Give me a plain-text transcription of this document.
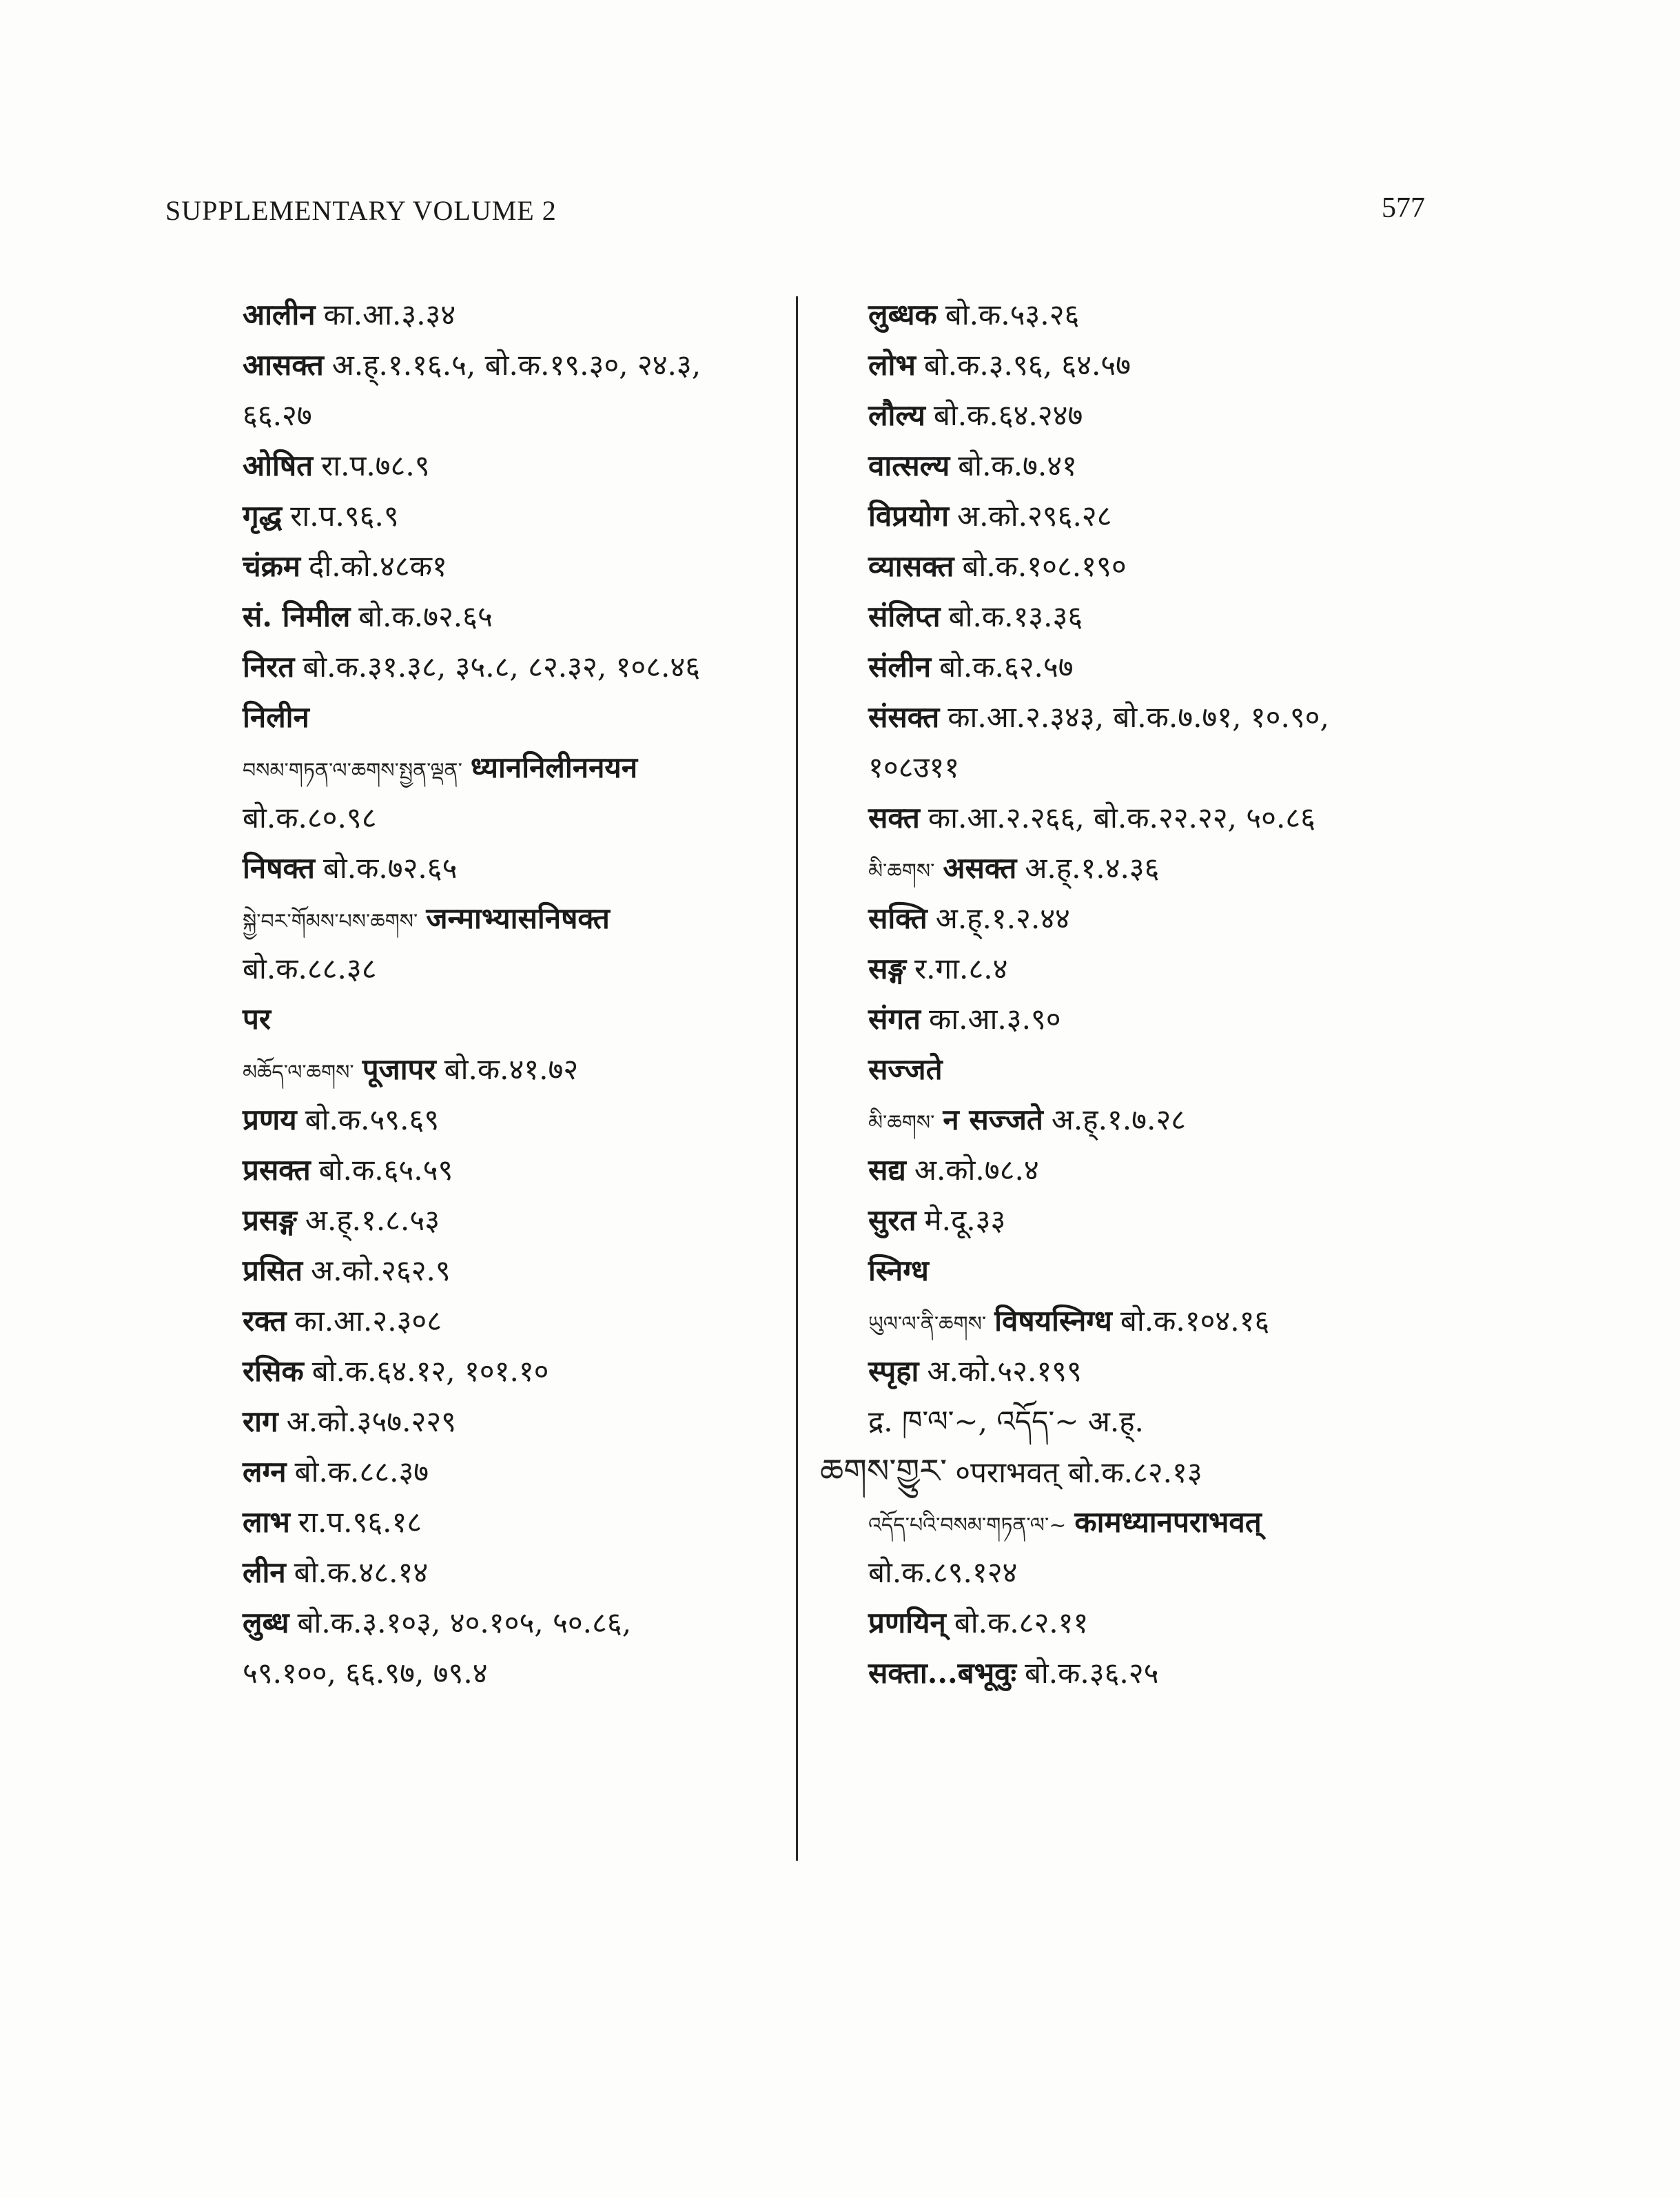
SUPPLEMENTARY VOLUME 2	577
आलीन का.आ.३.३४
आसक्त अ.ह्.१.१६.५, बो.क.१९.३०, २४.३,
६६.२७
ओषित रा.प.७८.९
गृद्ध रा.प.९६.९
चंक्रम दी.को.४८क१
सं. निमील बो.क.७२.६५
निरत बो.क.३१.३८, ३५.८, ८२.३२, १०८.४६
निलीन
བསམ་གཏན་ལ་ཆགས་སྤྱན་ལྡན་ ध्याननिलीननयन
बो.क.८०.९८
निषक्त बो.क.७२.६५
སྐྱེ་བར་གོམས་པས་ཆགས་ जन्माभ्यासनिषक्त
बो.क.८८.३८
पर
མཆོད་ལ་ཆགས་ पूजापर बो.क.४१.७२
प्रणय बो.क.५९.६९
प्रसक्त बो.क.६५.५९
प्रसङ्ग अ.ह्.१.८.५३
प्रसित अ.को.२६२.९
रक्त का.आ.२.३०८
रसिक बो.क.६४.१२, १०१.१०
राग अ.को.३५७.२२९
लग्न बो.क.८८.३७
लाभ रा.प.९६.१८
लीन बो.क.४८.१४
लुब्ध बो.क.३.१०३, ४०.१०५, ५०.८६,
५९.१००, ६६.९७, ७९.४
लुब्धक बो.क.५३.२६
लोभ बो.क.३.९६, ६४.५७
लौल्य बो.क.६४.२४७
वात्सल्य बो.क.७.४१
विप्रयोग अ.को.२९६.२८
व्यासक्त बो.क.१०८.१९०
संलिप्त बो.क.१३.३६
संलीन बो.क.६२.५७
संसक्त का.आ.२.३४३, बो.क.७.७१, १०.९०,
१०८उ११
सक्त का.आ.२.२६६, बो.क.२२.२२, ५०.८६
མི་ཆགས་ असक्त अ.ह्.१.४.३६
सक्ति अ.ह्.१.२.४४
सङ्ग र.गा.८.४
संगत का.आ.३.९०
सज्जते
མི་ཆགས་ न सज्जते अ.ह्.१.७.२८
सद्य अ.को.७८.४
सुरत मे.दू.३३
स्निग्ध
ཡུལ་ལ་ནི་ཆགས་ विषयस्निग्ध बो.क.१०४.१६
स्पृहा अ.को.५२.१९९
द्र. ཁ་ལ་~, འདོད་~ अ.ह्.
ཆགས་གྱུར་ ०पराभवत् बो.क.८२.१३
འདོད་པའི་བསམ་གཏན་ལ་~ कामध्यानपराभवत्
बो.क.८९.१२४
प्रणयिन् बो.क.८२.११
सक्ता...बभूवुः बो.क.३६.२५
